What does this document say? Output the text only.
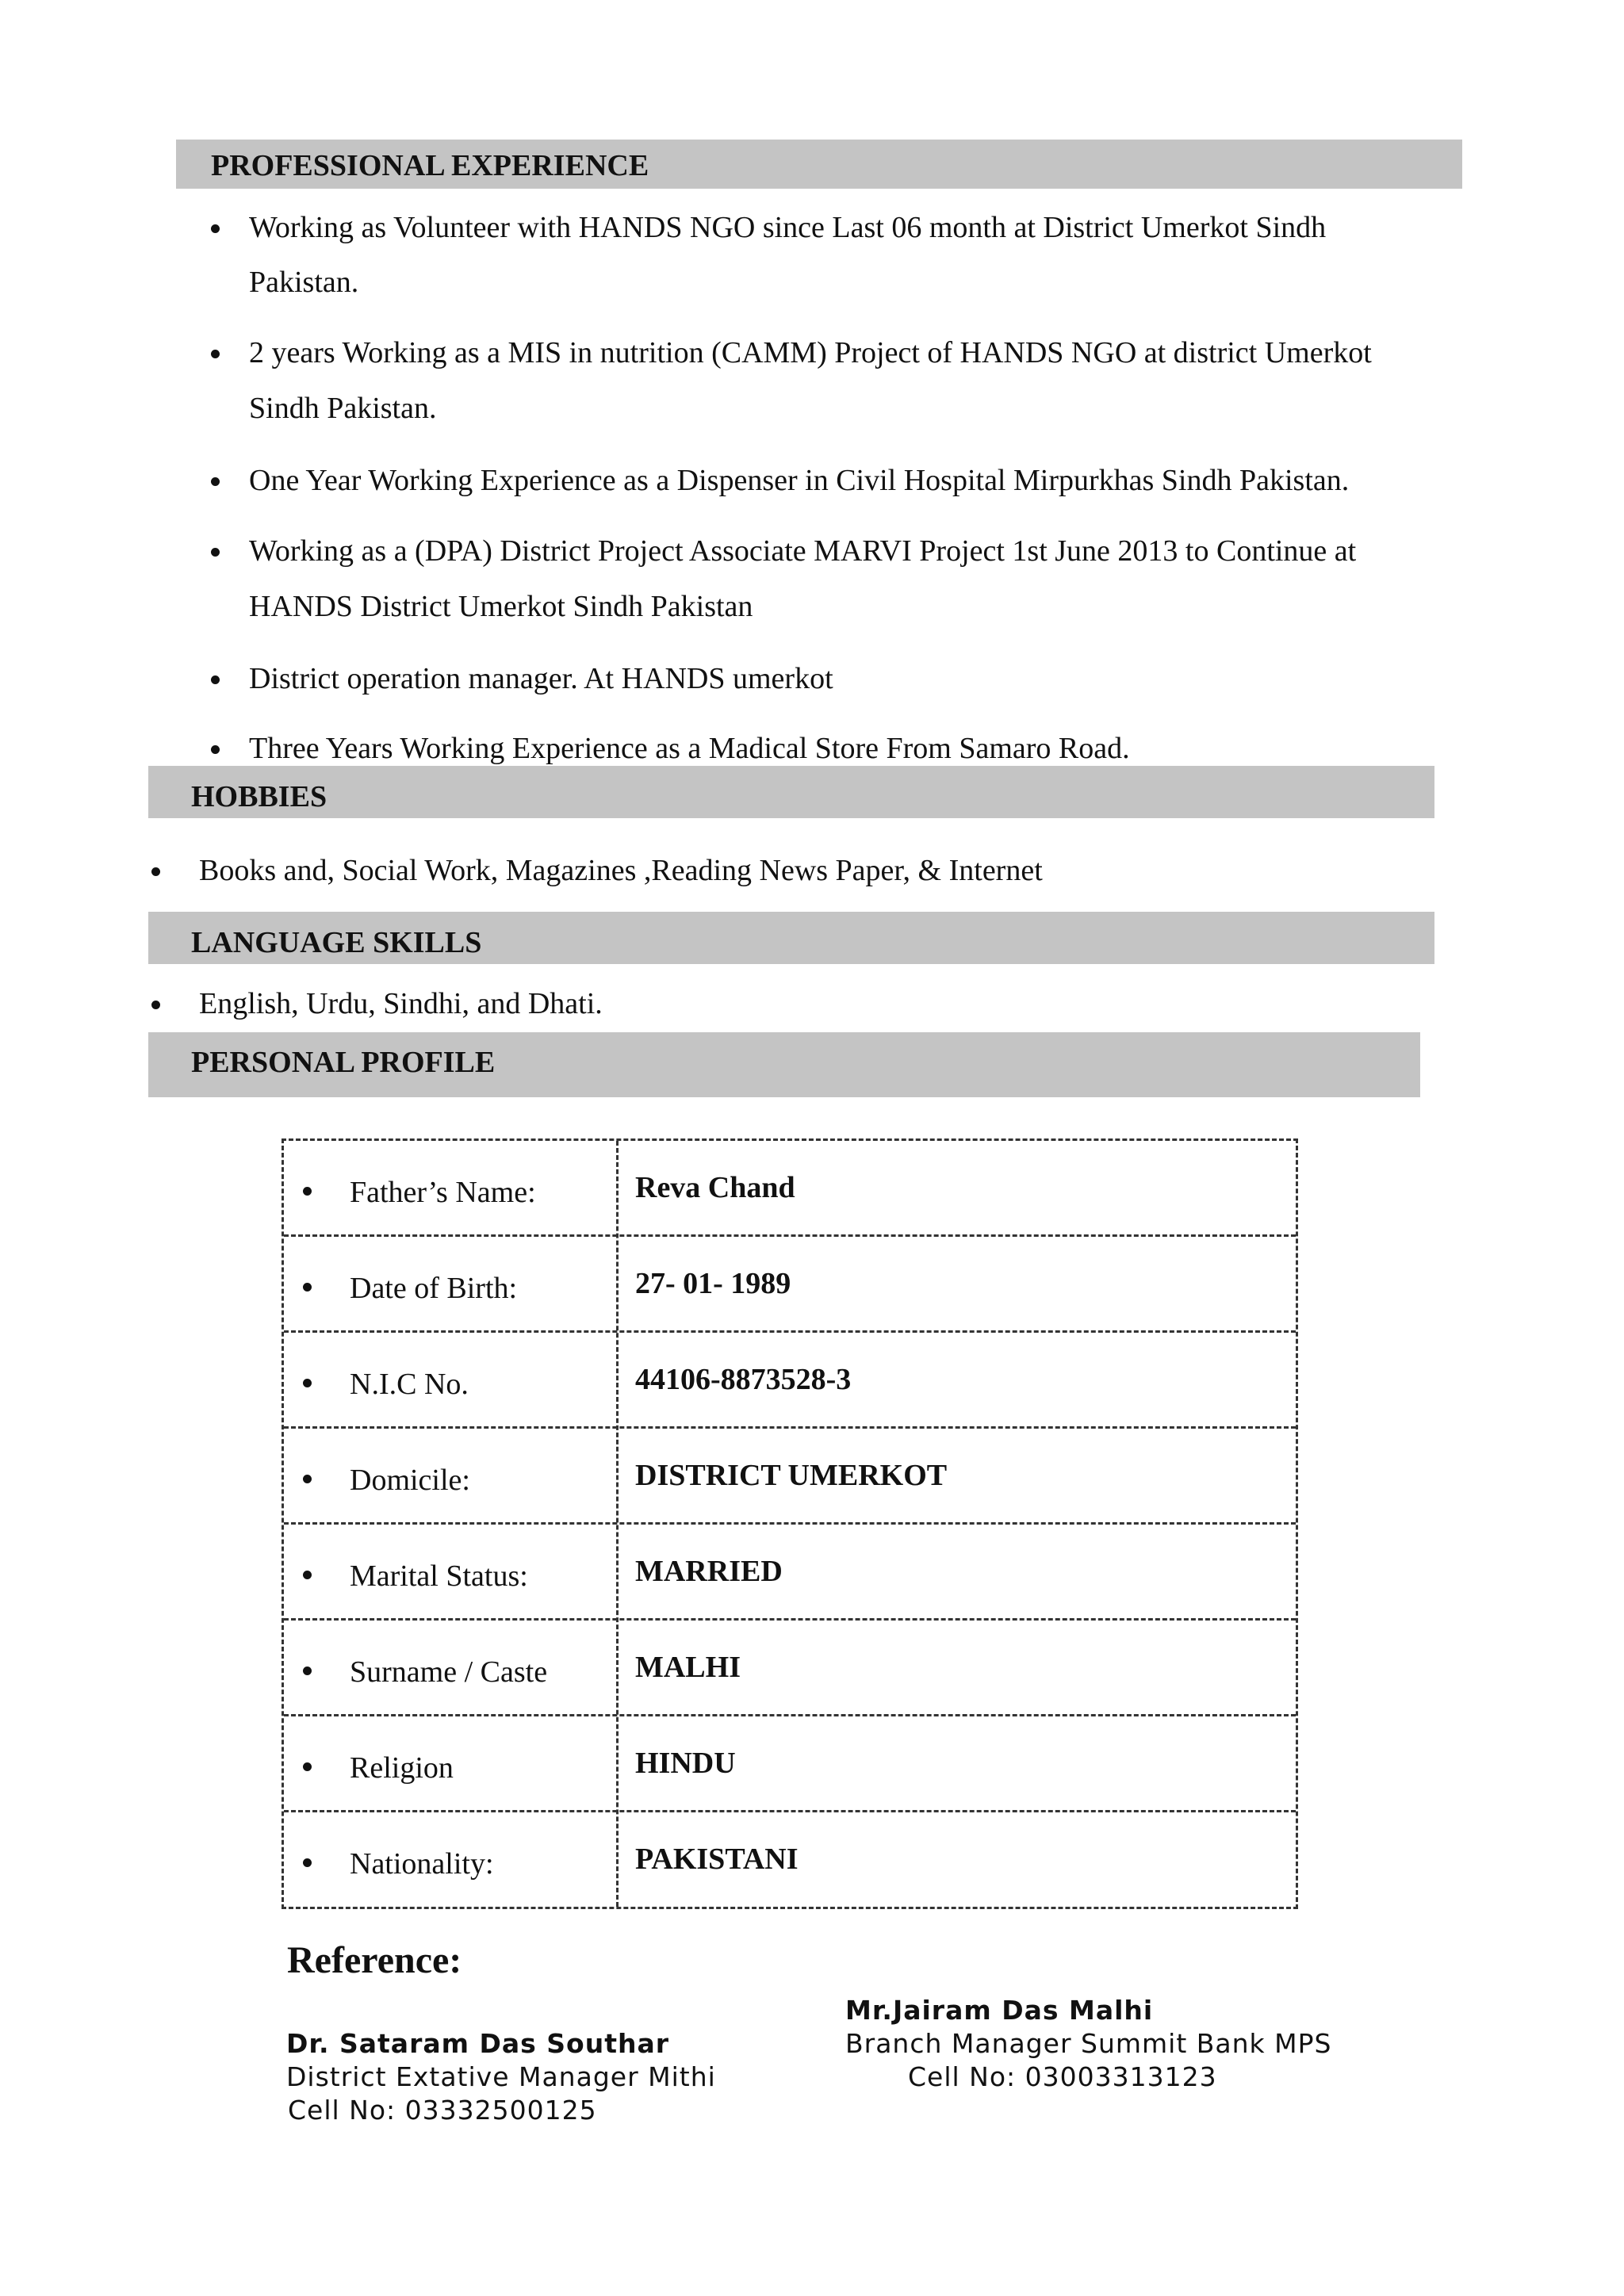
PROFESSIONAL EXPERIENCE
Working as Volunteer with HANDS NGO since Last 06 month at District Umerkot Sindh
Pakistan.
2 years Working as a MIS in nutrition (CAMM) Project of HANDS NGO at district Umerkot
Sindh Pakistan.
One Year Working Experience as a Dispenser in Civil Hospital Mirpurkhas Sindh Pakistan.
Working as a (DPA) District Project Associate MARVI Project 1st June 2013 to Continue at
HANDS District Umerkot Sindh Pakistan
District operation manager. At HANDS umerkot
Three Years Working Experience as a Madical Store From Samaro Road.
HOBBIES
Books and, Social Work, Magazines ,Reading News Paper, & Internet
LANGUAGE SKILLS
English, Urdu, Sindhi, and Dhati.
PERSONAL PROFILE
Father’s Name:	Reva Chand
Date of Birth:	27- 01- 1989
N.I.C No.	44106-8873528-3
Domicile:	DISTRICT UMERKOT
Marital Status:	MARRIED
Surname / Caste	MALHI
Religion	HINDU
Nationality:	PAKISTANI
Reference:
Dr. Sataram Das Southar
District Extative Manager Mithi
Cell No: 03332500125
Mr.Jairam Das Malhi
Branch Manager Summit Bank MPS
Cell No: 03003313123
